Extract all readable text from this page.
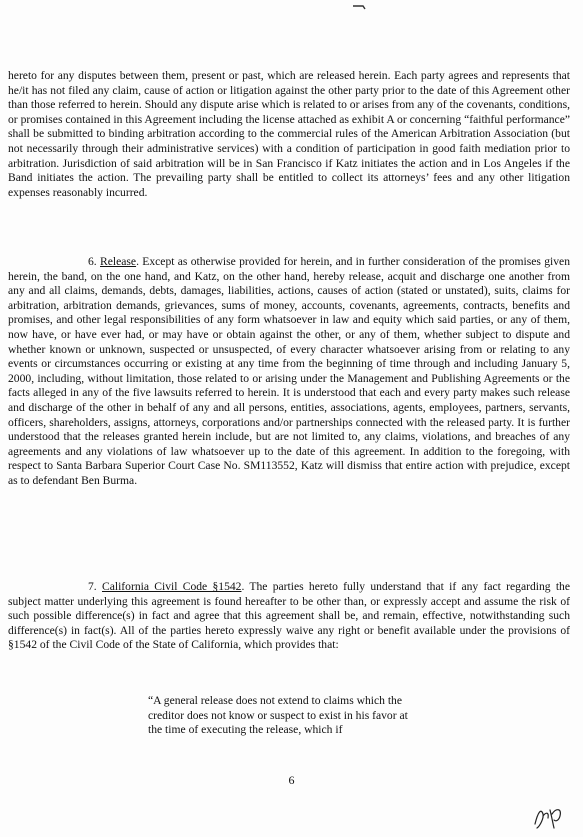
hereto for any disputes between them, present or past, which are released herein. Each party agrees and represents that he/it has not filed any claim, cause of action or litigation against the other party prior to the date of this Agreement other than those referred to herein. Should any dispute arise which is related to or arises from any of the covenants, conditions, or promises contained in this Agreement including the license attached as exhibit A or concerning “faithful performance” shall be submitted to binding arbitration according to the commercial rules of the American Arbitration Association (but not necessarily through their administrative services) with a condition of participation in good faith mediation prior to arbitration. Jurisdiction of said arbitration will be in San Francisco if Katz initiates the action and in Los Angeles if the Band initiates the action. The prevailing party shall be entitled to collect its attorneys’ fees and any other litigation expenses reasonably incurred.
6. Release. Except as otherwise provided for herein, and in further consideration of the promises given herein, the band, on the one hand, and Katz, on the other hand, hereby release, acquit and discharge one another from any and all claims, demands, debts, damages, liabilities, actions, causes of action (stated or unstated), suits, claims for arbitration, arbitration demands, grievances, sums of money, accounts, covenants, agreements, contracts, benefits and promises, and other legal responsibilities of any form whatsoever in law and equity which said parties, or any of them, now have, or have ever had, or may have or obtain against the other, or any of them, whether subject to dispute and whether known or unknown, suspected or unsuspected, of every character whatsoever arising from or relating to any events or circumstances occurring or existing at any time from the beginning of time through and including January 5, 2000, including, without limitation, those related to or arising under the Management and Publishing Agreements or the facts alleged in any of the five lawsuits referred to herein. It is understood that each and every party makes such release and discharge of the other in behalf of any and all persons, entities, associations, agents, employees, partners, servants, officers, shareholders, assigns, attorneys, corporations and/or partnerships connected with the released party. It is further understood that the releases granted herein include, but are not limited to, any claims, violations, and breaches of any agreements and any violations of law whatsoever up to the date of this agreement. In addition to the foregoing, with respect to Santa Barbara Superior Court Case No. SM113552, Katz will dismiss that entire action with prejudice, except as to defendant Ben Burma.
7. California Civil Code §1542. The parties hereto fully understand that if any fact regarding the subject matter underlying this agreement is found hereafter to be other than, or expressly accept and assume the risk of such possible difference(s) in fact and agree that this agreement shall be, and remain, effective, notwithstanding such difference(s) in fact(s). All of the parties hereto expressly waive any right or benefit available under the provisions of §1542 of the Civil Code of the State of California, which provides that:
“A general release does not extend to claims which the creditor does not know or suspect to exist in his favor at the time of executing the release, which if
6
